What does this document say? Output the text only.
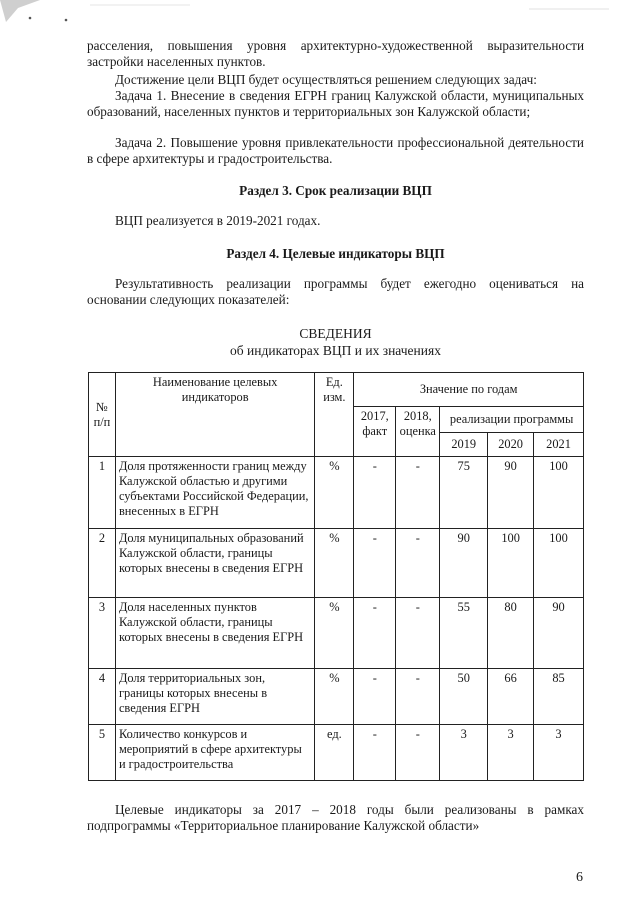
расселения, повышения уровня архитектурно-художественной выразительности застройки населенных пунктов.

Достижение цели ВЦП будет осуществляться решением следующих задач:

Задача 1. Внесение в сведения ЕГРН границ Калужской области, муниципальных образований, населенных пунктов и территориальных зон Калужской области;

Задача 2. Повышение уровня привлекательности профессиональной деятельности в сфере архитектуры и градостроительства.

Раздел 3. Срок реализации ВЦП

ВЦП реализуется в 2019-2021 годах.

Раздел 4. Целевые индикаторы ВЦП

Результативность реализации программы будет ежегодно оцениваться на основании следующих показателей:

СВЕДЕНИЯ

об индикаторах ВЦП и их значениях

№ п/п	Наименование целевых индикаторов	Ед. изм.	Значение по годам				
			2017, факт	2018, оценка	реализации программы		
					2019	2020	2021
1	Доля протяженности границ между Калужской областью и другими субъектами Российской Федерации, внесенных в ЕГРН	%	-	-	75	90	100
2	Доля муниципальных образований Калужской области, границы которых внесены в сведения ЕГРН	%	-	-	90	100	100
3	Доля населенных пунктов Калужской области, границы которых внесены в сведения ЕГРН	%	-	-	55	80	90
4	Доля территориальных зон, границы которых внесены в сведения ЕГРН	%	-	-	50	66	85
5	Количество конкурсов и мероприятий в сфере архитектуры и градостроительства	ед.	-	-	3	3	3

Целевые индикаторы за 2017 – 2018 годы были реализованы в рамках подпрограммы «Территориальное планирование Калужской области»

6
